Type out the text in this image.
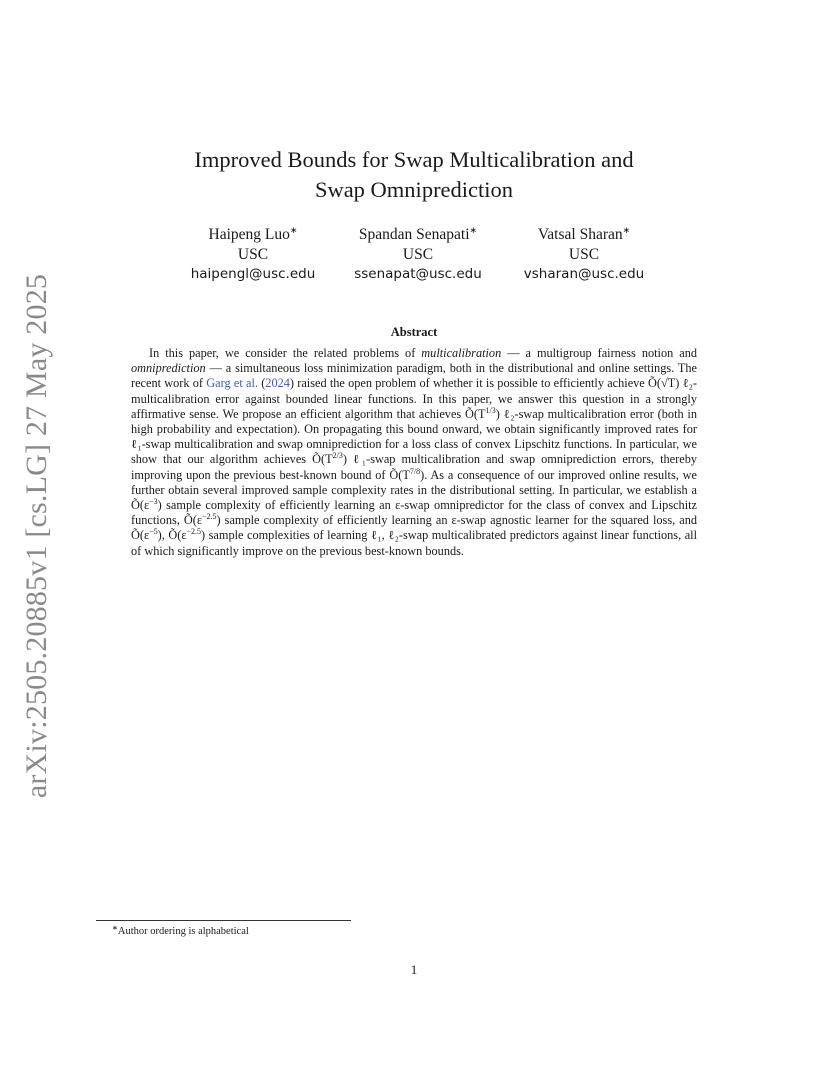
arXiv:2505.20885v1 [cs.LG] 27 May 2025
Improved Bounds for Swap Multicalibration and
Swap Omniprediction
Haipeng Luo∗
USC
haipengl@usc.edu
Spandan Senapati∗
USC
ssenapat@usc.edu
Vatsal Sharan∗
USC
vsharan@usc.edu
Abstract
In this paper, we consider the related problems of multicalibration — a multigroup fairness notion and omniprediction — a simultaneous loss minimization paradigm, both in the distributional and online settings. The recent work of Garg et al. (2024) raised the open problem of whether it is possible to efficiently achieve Õ(√T) ℓ₂-multicalibration error against bounded linear functions. In this paper, we answer this question in a strongly affirmative sense. We propose an efficient algorithm that achieves $Õ(T^{1/3})$ ℓ₂-swap multicalibration error (both in high probability and expectation). On propagating this bound onward, we obtain significantly improved rates for ℓ₁-swap multicalibration and swap omniprediction for a loss class of convex Lipschitz functions. In particular, we show that our algorithm achieves $Õ(T^{2/3})$ ℓ₁-swap multicalibration and swap omniprediction errors, thereby improving upon the previous best-known bound of $Õ(T^{7/8})$. As a consequence of our improved online results, we further obtain several improved sample complexity rates in the distributional setting. In particular, we establish a $Õ(\varepsilon^{-3})$ sample complexity of efficiently learning an ε-swap omnipredictor for the class of convex and Lipschitz functions, $Õ(\varepsilon^{-2.5})$ sample complexity of efficiently learning an ε-swap agnostic learner for the squared loss, and $Õ(\varepsilon^{-5})$, $Õ(\varepsilon^{-2.5})$ sample complexities of learning ℓ₁, ℓ₂-swap multicalibrated predictors against linear functions, all of which significantly improve on the previous best-known bounds.
∗Author ordering is alphabetical
1
